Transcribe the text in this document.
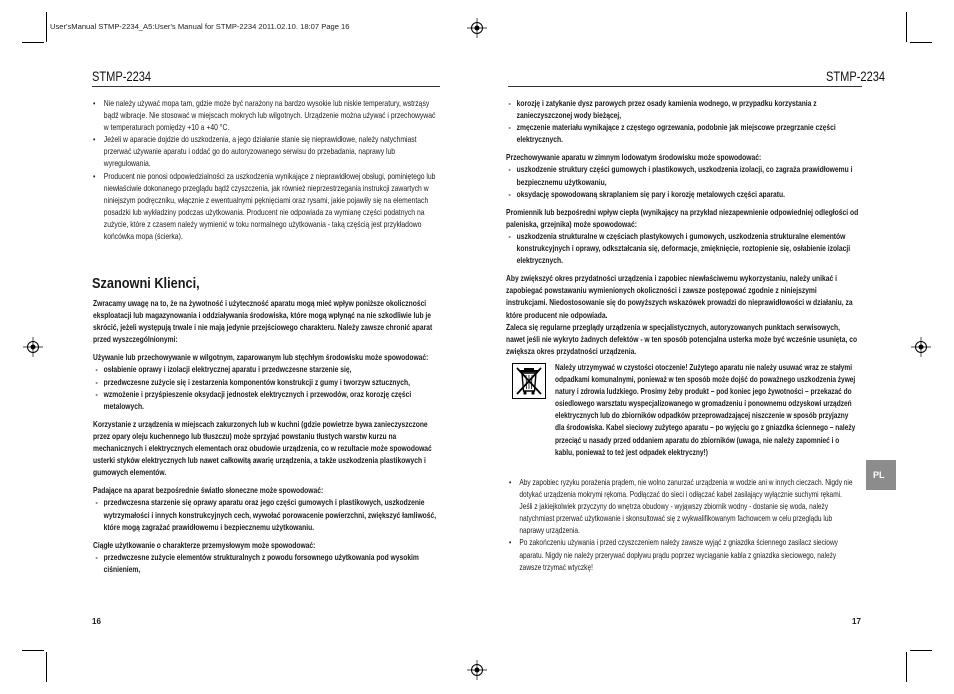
User'sManual STMP-2234_A5:User's Manual for STMP-2234 2011.02.10. 18:07 Page 16
STMP-2234

• Nie należy używać mopa tam, gdzie może być narażony na bardzo wysokie lub niskie temperatury, wstrząsy bądź wibracje. Nie stosować w miejscach mokrych lub wilgotnych. Urządzenie można używać i przechowywać w temperaturach pomiędzy +10 a +40 °C.

• Jeżeli w aparacie dojdzie do uszkodzenia, a jego działanie stanie się nieprawidłowe, należy natychmiast przerwać używanie aparatu i oddać go do autoryzowanego serwisu do przebadania, naprawy lub wyregulowania.

• Producent nie ponosi odpowiedzialności za uszkodzenia wynikające z nieprawidłowej obsługi, pominiętego lub niewłaściwie dokonanego przeglądu bądź czyszczenia, jak również nieprzestrzegania instrukcji zawartych w niniejszym podręczniku, włącznie z ewentualnymi pęknięciami oraz rysami, jakie pojawiły się na elementach posadzki lub wykładziny podczas użytkowania. Producent nie odpowiada za wymianę części podatnych na zużycie, które z czasem należy wymienić w toku normalnego użytkowania - taką częścią jest przykładowo końcówka mopa (ścierka).

Szanowni Klienci,

Zwracamy uwagę na to, że na żywotność i użyteczność aparatu mogą mieć wpływ poniższe okoliczności eksploatacji lub magazynowania i oddziaływania środowiska, które mogą wpłynąć na nie szkodliwie lub je skrócić, jeżeli występują trwale i nie mają jedynie przejściowego charakteru. Należy zawsze chronić aparat przed wyszczególnionymi:

Używanie lub przechowywanie w wilgotnym, zaparowanym lub stęchłym środowisku może spowodować:

- osłabienie oprawy i izolacji elektrycznej aparatu i przedwczesne starzenie się,

- przedwczesne zużycie się i zestarzenia komponentów konstrukcji z gumy i tworzyw sztucznych,

- wzmożenie i przyśpieszenie oksydacji jednostek elektrycznych i przewodów, oraz korozję części metalowych.

Korzystanie z urządzenia w miejscach zakurzonych lub w kuchni (gdzie powietrze bywa zanieczyszczone przez opary oleju kuchennego lub tłuszczu) może sprzyjać powstaniu tłustych warstw kurzu na mechanicznych i elektrycznych elementach oraz obudowie urządzenia, co w rezultacie może spowodować usterki styków elektrycznych lub nawet całkowitą awarię urządzenia, a także uszkodzenia plastikowych i gumowych elementów.

Padające na aparat bezpośrednie światło słoneczne może spowodować:

- przedwczesna starzenie się oprawy aparatu oraz jego części gumowych i plastikowych, uszkodzenie wytrzymałości i innych konstrukcyjnych cech, wywołać porowacenie powierzchni, zwiększyć łamliwość, które mogą zagrażać prawidłowemu i bezpiecznemu użytkowaniu.

Ciągłe użytkowanie o charakterze przemysłowym może spowodować:

- przedwczesne zużycie elementów strukturalnych z powodu forsownego użytkowania pod wysokim ciśnieniem,

16
STMP-2234

- korozję i zatykanie dysz parowych przez osady kamienia wodnego, w przypadku korzystania z zanieczyszczonej wody bieżącej,

- zmęczenie materiału wynikające z częstego ogrzewania, podobnie jak miejscowe przegrzanie części elektrycznych.

Przechowywanie aparatu w zimnym lodowatym środowisku może spowodować:

- uszkodzenie struktury części gumowych i plastikowych, uszkodzenia izolacji, co zagraża prawidłowemu i bezpiecznemu użytkowaniu,

- oksydację spowodowaną skraplaniem się pary i korozję metalowych części aparatu.

Promiennik lub bezpośredni wpływ ciepła (wynikający na przykład niezapewnienie odpowiedniej odległości od paleniska, grzejnika) może spowodować:

- uszkodzenia strukturalne w częściach plastykowych i gumowych, uszkodzenia strukturalne elementów konstrukcyjnych i oprawy, odkształcania się, deformacje, zmięknięcie, roztopienie się, osłabienie izolacji elektrycznych.

Aby zwiększyć okres przydatności urządzenia i zapobiec niewłaściwemu wykorzystaniu, należy unikać i zapobiegać powstawaniu wymienionych okoliczności i zawsze postępować zgodnie z niniejszymi instrukcjami. Niedostosowanie się do powyższych wskazówek prowadzi do nieprawidłowości w działaniu, za które producent nie odpowiada.

Zaleca się regularne przeglądy urządzenia w specjalistycznych, autoryzowanych punktach serwisowych, nawet jeśli nie wykryto żadnych defektów - w ten sposób potencjalna usterka może być wcześnie usunięta, co zwiększa okres przydatności urządzenia.

Należy utrzymywać w czystości otoczenie! Zużytego aparatu nie należy usuwać wraz ze stałymi odpadkami komunalnymi, ponieważ w ten sposób może dojść do poważnego uszkodzenia żywej natury i zdrowia ludzkiego. Prosimy żeby produkt – pod koniec jego żywotności – przekazać do osiedlowego warsztatu wyspecjalizowanego w gromadzeniu i ponownemu odzyskowi urządzeń elektrycznych lub do zbiorników odpadków przeprowadzającej niszczenie w sposób przyjazny dla środowiska. Kabel sieciowy zużytego aparatu – po wyjęciu go z gniazdka ściennego – należy przeciąć u nasady przed oddaniem aparatu do zbiorników (uwaga, nie należy zapomnieć i o kablu, ponieważ to też jest odpadek elektryczny!)

• Aby zapobiec ryzyku porażenia prądem, nie wolno zanurzać urządzenia w wodzie ani w innych cieczach. Nigdy nie dotykać urządzenia mokrymi rękoma. Podłączać do sieci i odłączać kabel zasilający wyłącznie suchymi rękami. Jeśli z jakiejkolwiek przyczyny do wnętrza obudowy - wyjąwszy zbiornik wodny - dostanie się woda, należy natychmiast przerwać użytkowanie i skonsultować się z wykwalifikowanym fachowcem w celu przeglądu lub naprawy urządzenia.

• Po zakończeniu używania i przed czyszczeniem należy zawsze wyjąć z gniazdka ściennego zasilacz sieciowy aparatu. Nigdy nie należy przerywać dopływu prądu poprzez wyciąganie kabla z gniazdka sieciowego, należy zawsze trzymać wtyczkę!

17
PL
